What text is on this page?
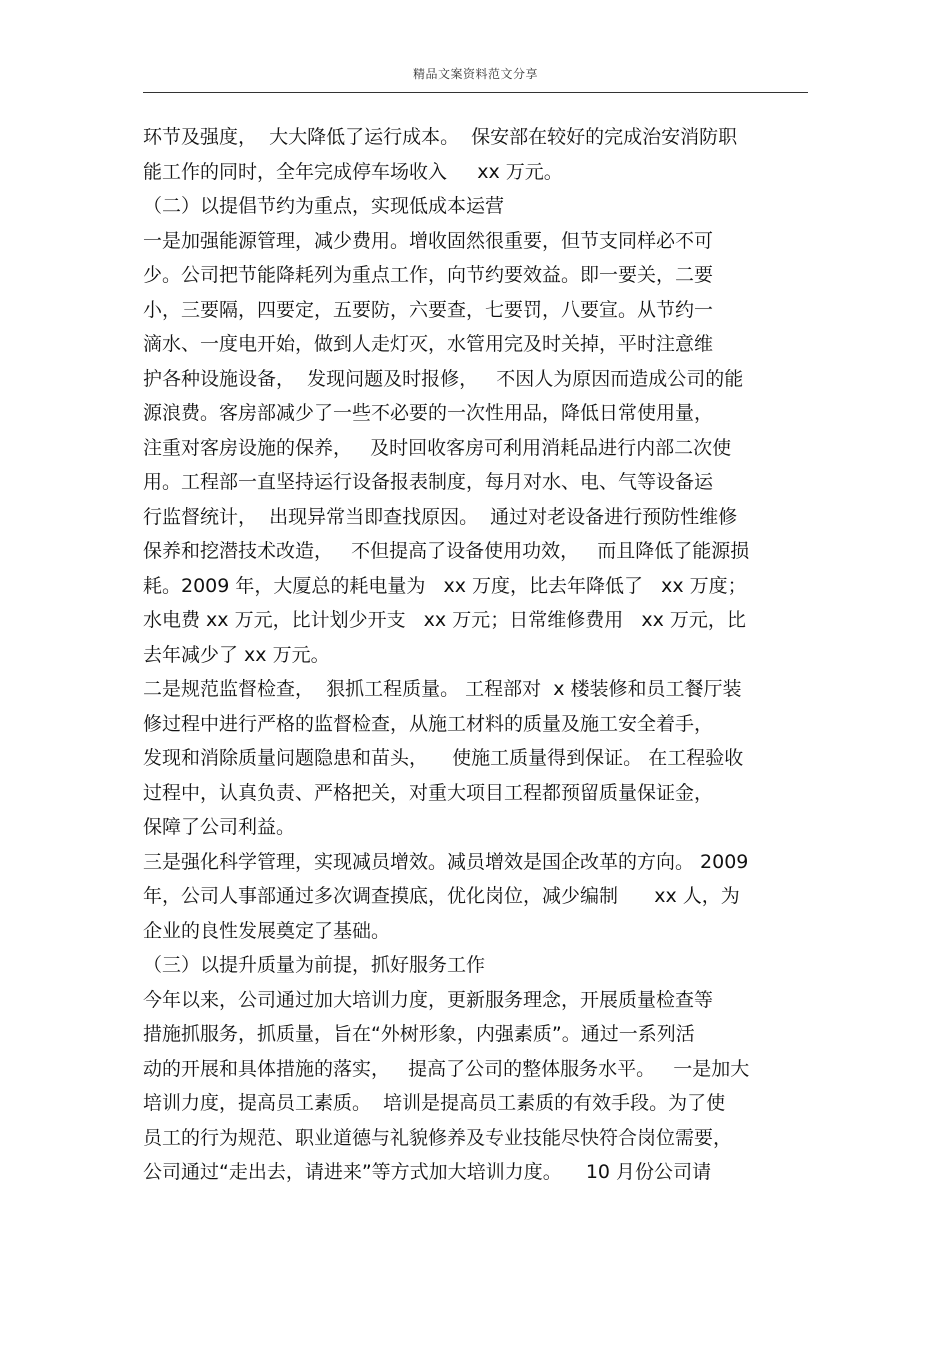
精品文案资料范文分享
环节及强度，  大大降低了运行成本。  保安部在较好的完成治安消防职
能工作的同时，全年完成停车场收入     xx 万元。
（二）以提倡节约为重点，实现低成本运营
一是加强能源管理，减少费用。增收固然很重要，但节支同样必不可
少。公司把节能降耗列为重点工作，向节约要效益。即一要关，二要
小，三要隔，四要定，五要防，六要查，七要罚，八要宣。从节约一
滴水、一度电开始，做到人走灯灭，水管用完及时关掉，平时注意维
护各种设施设备，  发现问题及时报修，   不因人为原因而造成公司的能
源浪费。客房部减少了一些不必要的一次性用品，降低日常使用量，
注重对客房设施的保养，   及时回收客房可利用消耗品进行内部二次使
用。工程部一直坚持运行设备报表制度，每月对水、电、气等设备运
行监督统计，  出现异常当即查找原因。  通过对老设备进行预防性维修
保养和挖潜技术改造，   不但提高了设备使用功效，   而且降低了能源损
耗。2009 年，大厦总的耗电量为   xx 万度，比去年降低了   xx 万度；
水电费 xx 万元，比计划少开支   xx 万元；日常维修费用   xx 万元，比
去年减少了 xx 万元。
二是规范监督检查，  狠抓工程质量。 工程部对  x 楼装修和员工餐厅装
修过程中进行严格的监督检查，从施工材料的质量及施工安全着手，
发现和消除质量问题隐患和苗头，    使施工质量得到保证。 在工程验收
过程中，认真负责、严格把关，对重大项目工程都预留质量保证金，
保障了公司利益。
三是强化科学管理，实现减员增效。减员增效是国企改革的方向。 2009
年，公司人事部通过多次调查摸底，优化岗位，减少编制      xx 人，为
企业的良性发展奠定了基础。
（三）以提升质量为前提，抓好服务工作
今年以来，公司通过加大培训力度，更新服务理念，开展质量检查等
措施抓服务，抓质量，旨在“外树形象，内强素质”。通过一系列活
动的开展和具体措施的落实，   提高了公司的整体服务水平。   一是加大
培训力度，提高员工素质。  培训是提高员工素质的有效手段。为了使
员工的行为规范、职业道德与礼貌修养及专业技能尽快符合岗位需要，
公司通过“走出去，请进来”等方式加大培训力度。    10 月份公司请
